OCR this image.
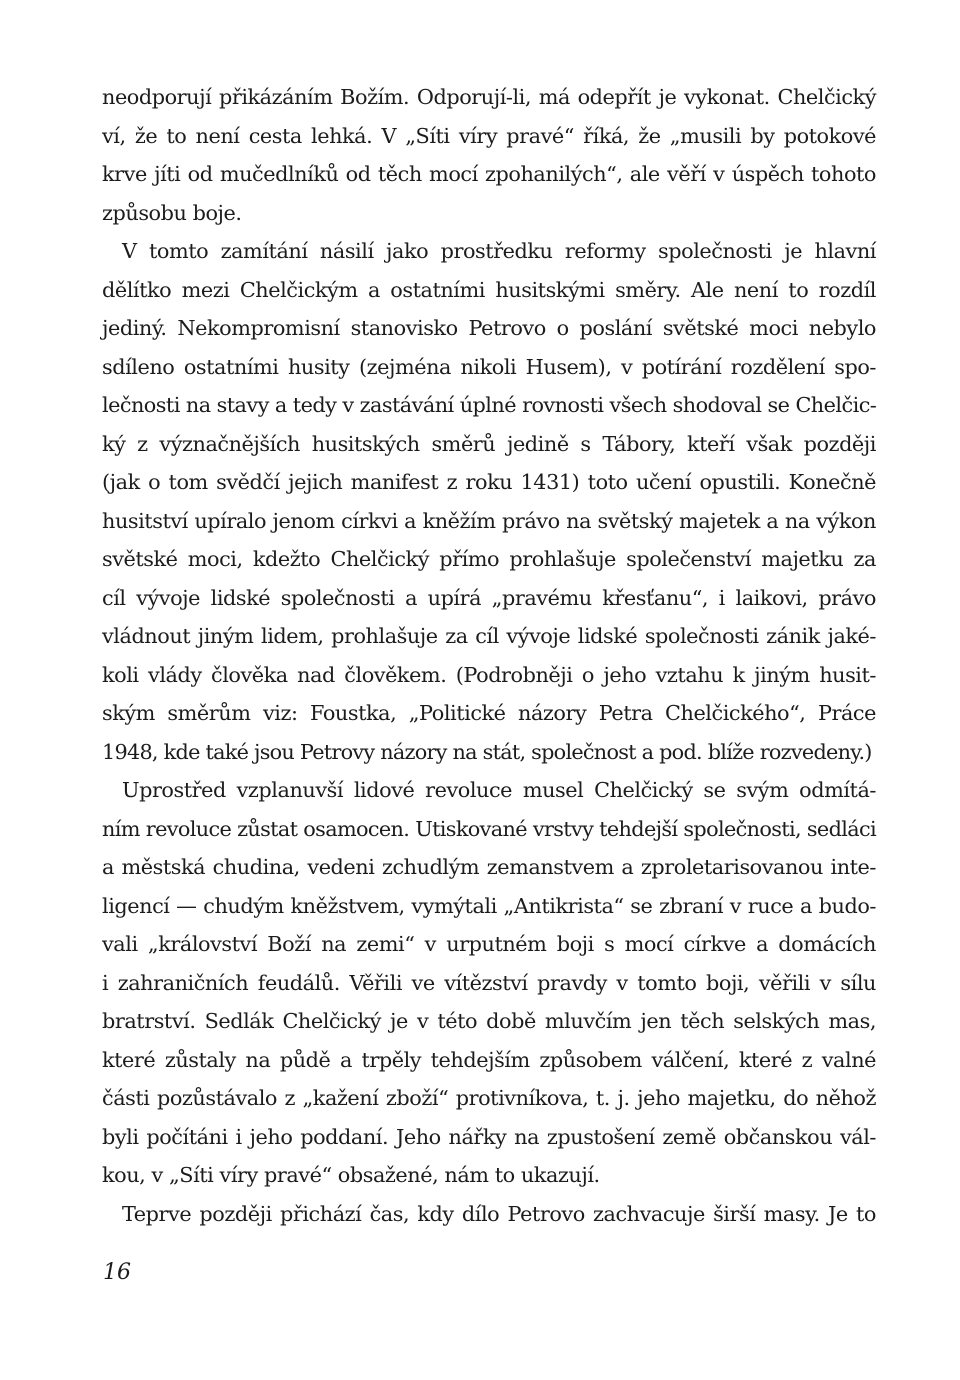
neodporují přikázáním Božím. Odporují-li, má odepřít je vykonat. Chelčický
ví, že to není cesta lehká. V „Síti víry pravé“ říká, že „musili by potokové
krve jíti od mučedlníků od těch mocí zpohanilých“, ale věří v úspěch tohoto
způsobu boje.
V tomto zamítání násilí jako prostředku reformy společnosti je hlavní
dělítko mezi Chelčickým a ostatními husitskými směry. Ale není to rozdíl
jediný. Nekompromisní stanovisko Petrovo o poslání světské moci nebylo
sdíleno ostatními husity (zejména nikoli Husem), v potírání rozdělení spo-
lečnosti na stavy a tedy v zastávání úplné rovnosti všech shodoval se Chelčic-
ký z význačnějších husitských směrů jedině s Tábory, kteří však později
(jak o tom svědčí jejich manifest z roku 1431) toto učení opustili. Konečně
husitství upíralo jenom církvi a kněžím právo na světský majetek a na výkon
světské moci, kdežto Chelčický přímo prohlašuje společenství majetku za
cíl vývoje lidské společnosti a upírá „pravému křesťanu“, i laikovi, právo
vládnout jiným lidem, prohlašuje za cíl vývoje lidské společnosti zánik jaké-
koli vlády člověka nad člověkem. (Podrobněji o jeho vztahu k jiným husit-
ským směrům viz: Foustka, „Politické názory Petra Chelčického“, Práce
1948, kde také jsou Petrovy názory na stát, společnost a pod. blíže rozvedeny.)
Uprostřed vzplanuvší lidové revoluce musel Chelčický se svým odmítá-
ním revoluce zůstat osamocen. Utiskované vrstvy tehdejší společnosti, sedláci
a městská chudina, vedeni zchudlým zemanstvem a zproletarisovanou inte-
ligencí — chudým kněžstvem, vymýtali „Antikrista“ se zbraní v ruce a budo-
vali „království Boží na zemi“ v urputném boji s mocí církve a domácích
i zahraničních feudálů. Věřili ve vítězství pravdy v tomto boji, věřili v sílu
bratrství. Sedlák Chelčický je v této době mluvčím jen těch selských mas,
které zůstaly na půdě a trpěly tehdejším způsobem válčení, které z valné
části pozůstávalo z „kažení zboží“ protivníkova, t. j. jeho majetku, do něhož
byli počítáni i jeho poddaní. Jeho nářky na zpustošení země občanskou vál-
kou, v „Síti víry pravé“ obsažené, nám to ukazují.
Teprve později přichází čas, kdy dílo Petrovo zachvacuje širší masy. Je to
16
